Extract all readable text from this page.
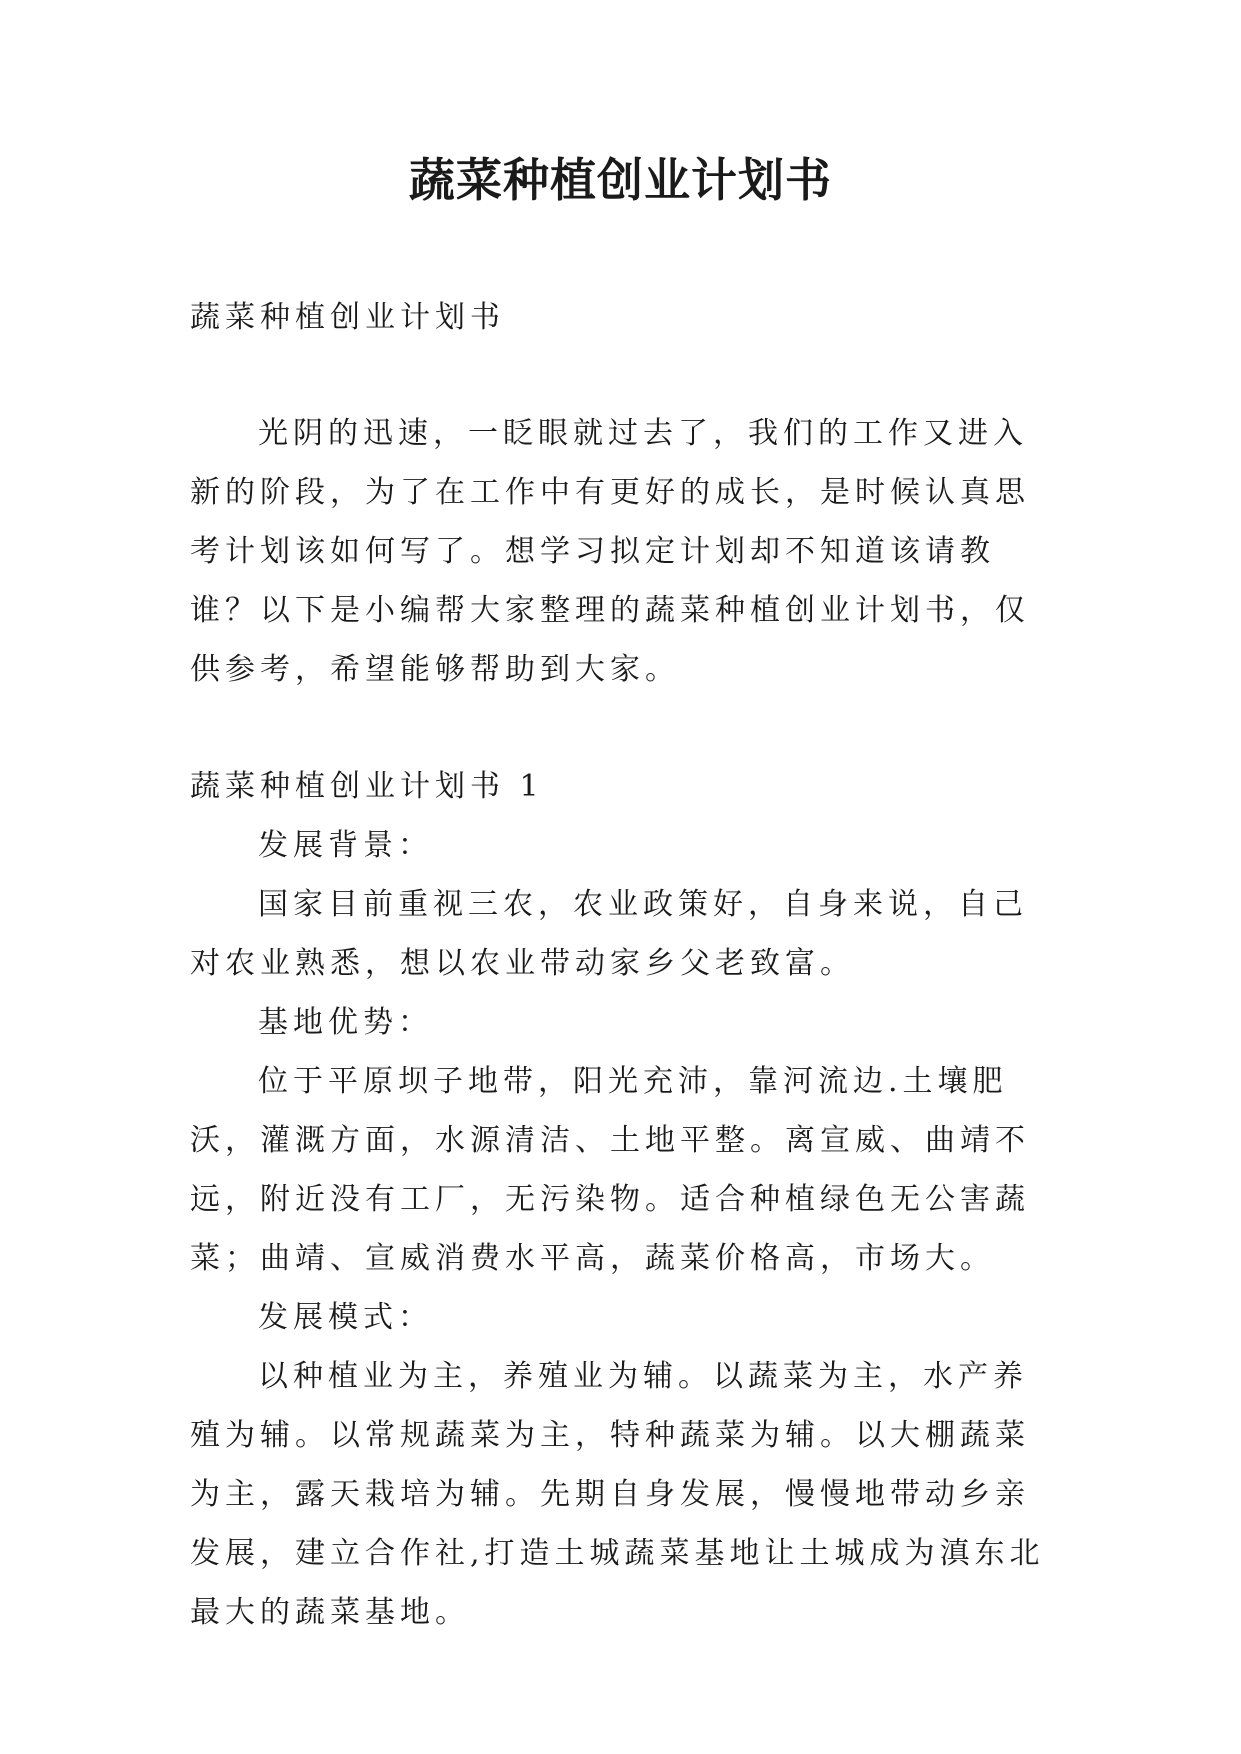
蔬菜种植创业计划书

蔬菜种植创业计划书

光阴的迅速，一眨眼就过去了，我们的工作又进入新的阶段，为了在工作中有更好的成长，是时候认真思考计划该如何写了。想学习拟定计划却不知道该请教谁？以下是小编帮大家整理的蔬菜种植创业计划书，仅供参考，希望能够帮助到大家。

蔬菜种植创业计划书 1

发展背景：

国家目前重视三农，农业政策好，自身来说，自己对农业熟悉，想以农业带动家乡父老致富。

基地优势：

位于平原坝子地带，阳光充沛，靠河流边.土壤肥沃，灌溉方面，水源清洁、土地平整。离宣威、曲靖不远，附近没有工厂，无污染物。适合种植绿色无公害蔬菜；曲靖、宣威消费水平高，蔬菜价格高，市场大。

发展模式：

以种植业为主，养殖业为辅。以蔬菜为主，水产养殖为辅。以常规蔬菜为主，特种蔬菜为辅。以大棚蔬菜为主，露天栽培为辅。先期自身发展，慢慢地带动乡亲发展，建立合作社,打造土城蔬菜基地让土城成为滇东北最大的蔬菜基地。
